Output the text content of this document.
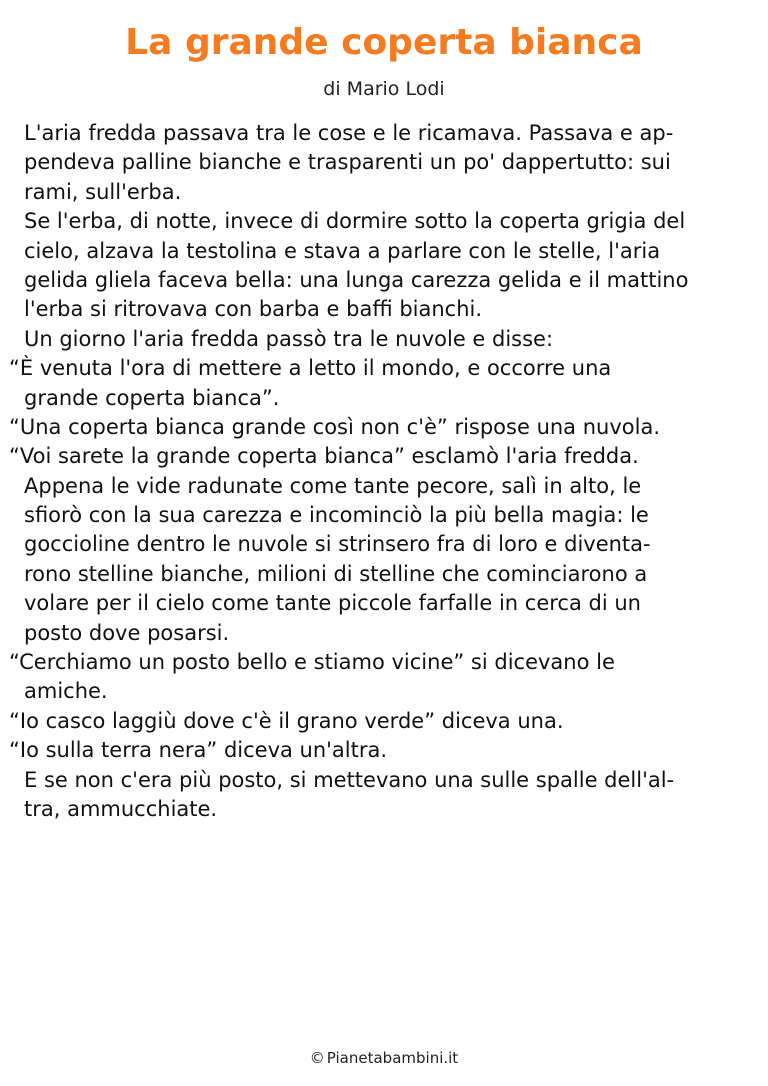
La grande coperta bianca

di Mario Lodi

L'aria fredda passava tra le cose e le ricamava. Passava e ap-
pendeva palline bianche e trasparenti un po' dappertutto: sui
rami, sull'erba.
Se l'erba, di notte, invece di dormire sotto la coperta grigia del
cielo, alzava la testolina e stava a parlare con le stelle, l'aria
gelida gliela faceva bella: una lunga carezza gelida e il mattino
l'erba si ritrovava con barba e baffi bianchi.
Un giorno l'aria fredda passò tra le nuvole e disse:
“È venuta l'ora di mettere a letto il mondo, e occorre una
grande coperta bianca”.
“Una coperta bianca grande così non c'è” rispose una nuvola.
“Voi sarete la grande coperta bianca” esclamò l'aria fredda.
Appena le vide radunate come tante pecore, salì in alto, le
sfiorò con la sua carezza e incominciò la più bella magia: le
goccioline dentro le nuvole si strinsero fra di loro e diventa-
rono stelline bianche, milioni di stelline che cominciarono a
volare per il cielo come tante piccole farfalle in cerca di un
posto dove posarsi.
“Cerchiamo un posto bello e stiamo vicine” si dicevano le
amiche.
“Io casco laggiù dove c'è il grano verde” diceva una.
“Io sulla terra nera” diceva un'altra.
E se non c'era più posto, si mettevano una sulle spalle dell'al-
tra, ammucchiate.
© Pianetabambini.it
